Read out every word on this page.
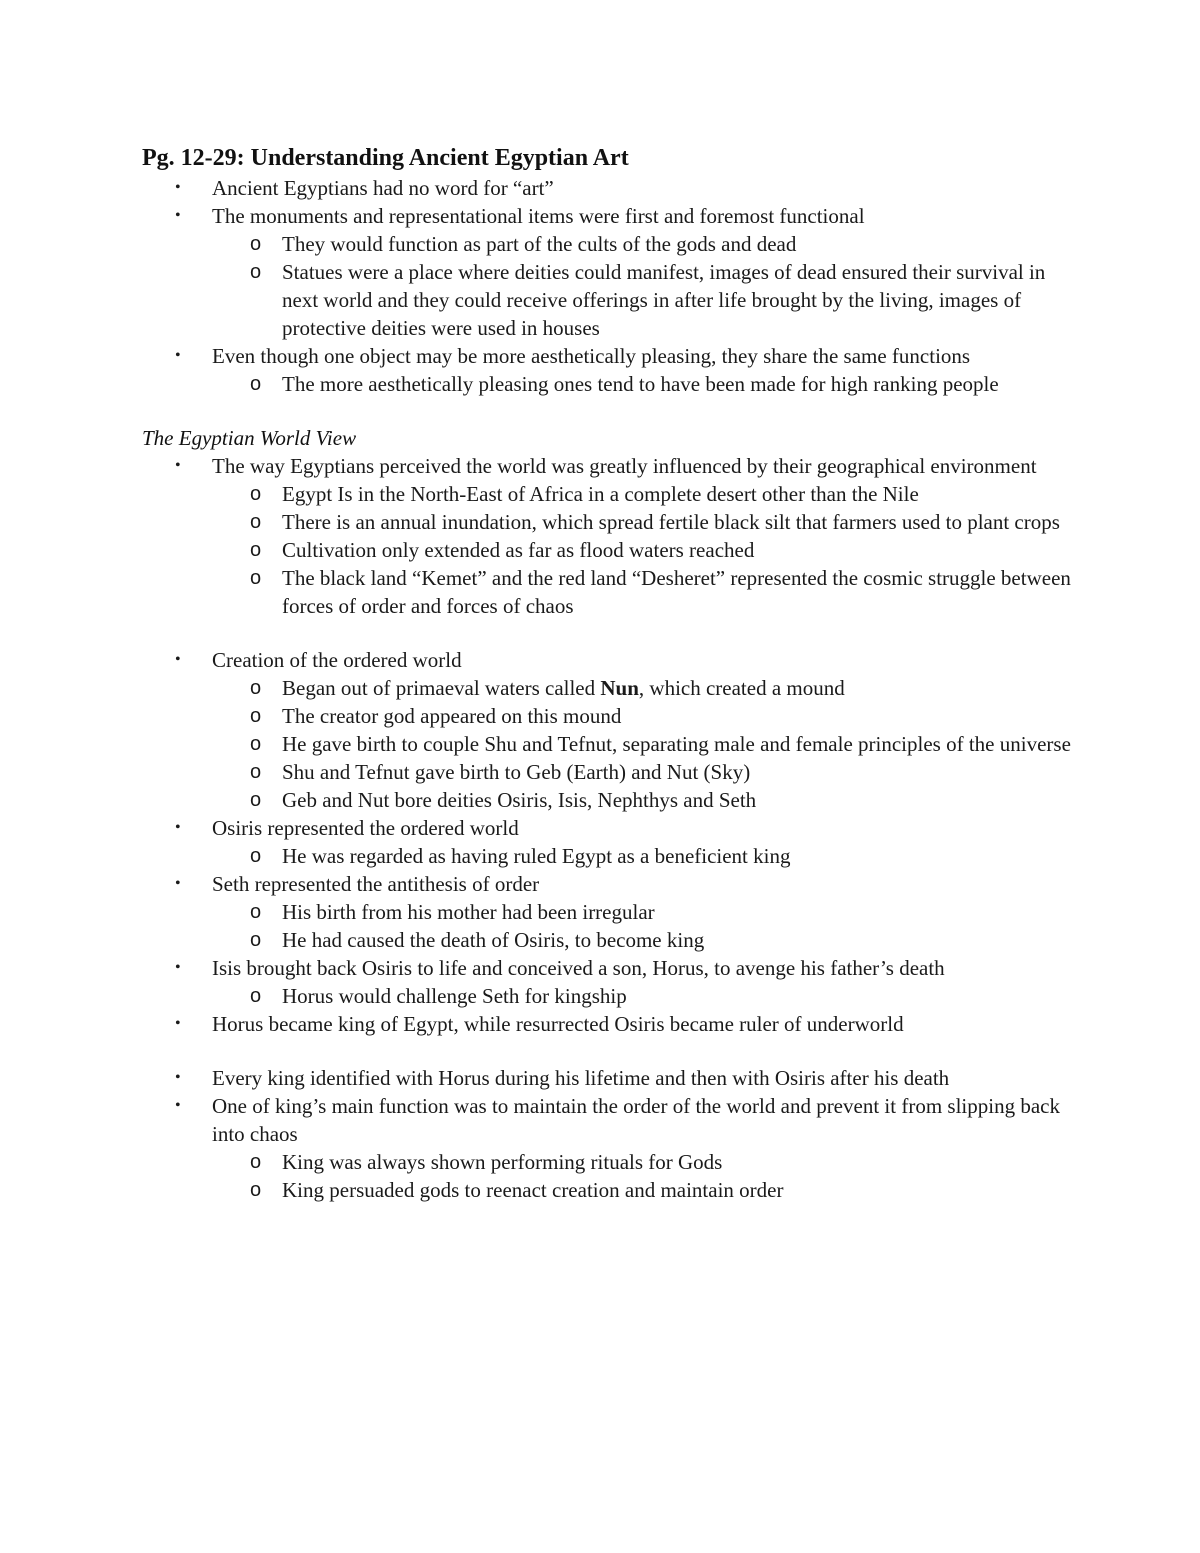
Pg. 12-29: Understanding Ancient Egyptian Art
• Ancient Egyptians had no word for “art”
• The monuments and representational items were first and foremost functional
o They would function as part of the cults of the gods and dead
o Statues were a place where deities could manifest, images of dead ensured their survival in next world and they could receive offerings in after life brought by the living, images of protective deities were used in houses
• Even though one object may be more aesthetically pleasing, they share the same functions
o The more aesthetically pleasing ones tend to have been made for high ranking people
The Egyptian World View
• The way Egyptians perceived the world was greatly influenced by their geographical environment
o Egypt Is in the North-East of Africa in a complete desert other than the Nile
o There is an annual inundation, which spread fertile black silt that farmers used to plant crops
o Cultivation only extended as far as flood waters reached
o The black land “Kemet” and the red land “Desheret” represented the cosmic struggle between forces of order and forces of chaos
• Creation of the ordered world
o Began out of primaeval waters called Nun, which created a mound
o The creator god appeared on this mound
o He gave birth to couple Shu and Tefnut, separating male and female principles of the universe
o Shu and Tefnut gave birth to Geb (Earth) and Nut (Sky)
o Geb and Nut bore deities Osiris, Isis, Nephthys and Seth
• Osiris represented the ordered world
o He was regarded as having ruled Egypt as a beneficient king
• Seth represented the antithesis of order
o His birth from his mother had been irregular
o He had caused the death of Osiris, to become king
• Isis brought back Osiris to life and conceived a son, Horus, to avenge his father’s death
o Horus would challenge Seth for kingship
• Horus became king of Egypt, while resurrected Osiris became ruler of underworld
• Every king identified with Horus during his lifetime and then with Osiris after his death
• One of king’s main function was to maintain the order of the world and prevent it from slipping back into chaos
o King was always shown performing rituals for Gods
o King persuaded gods to reenact creation and maintain order
